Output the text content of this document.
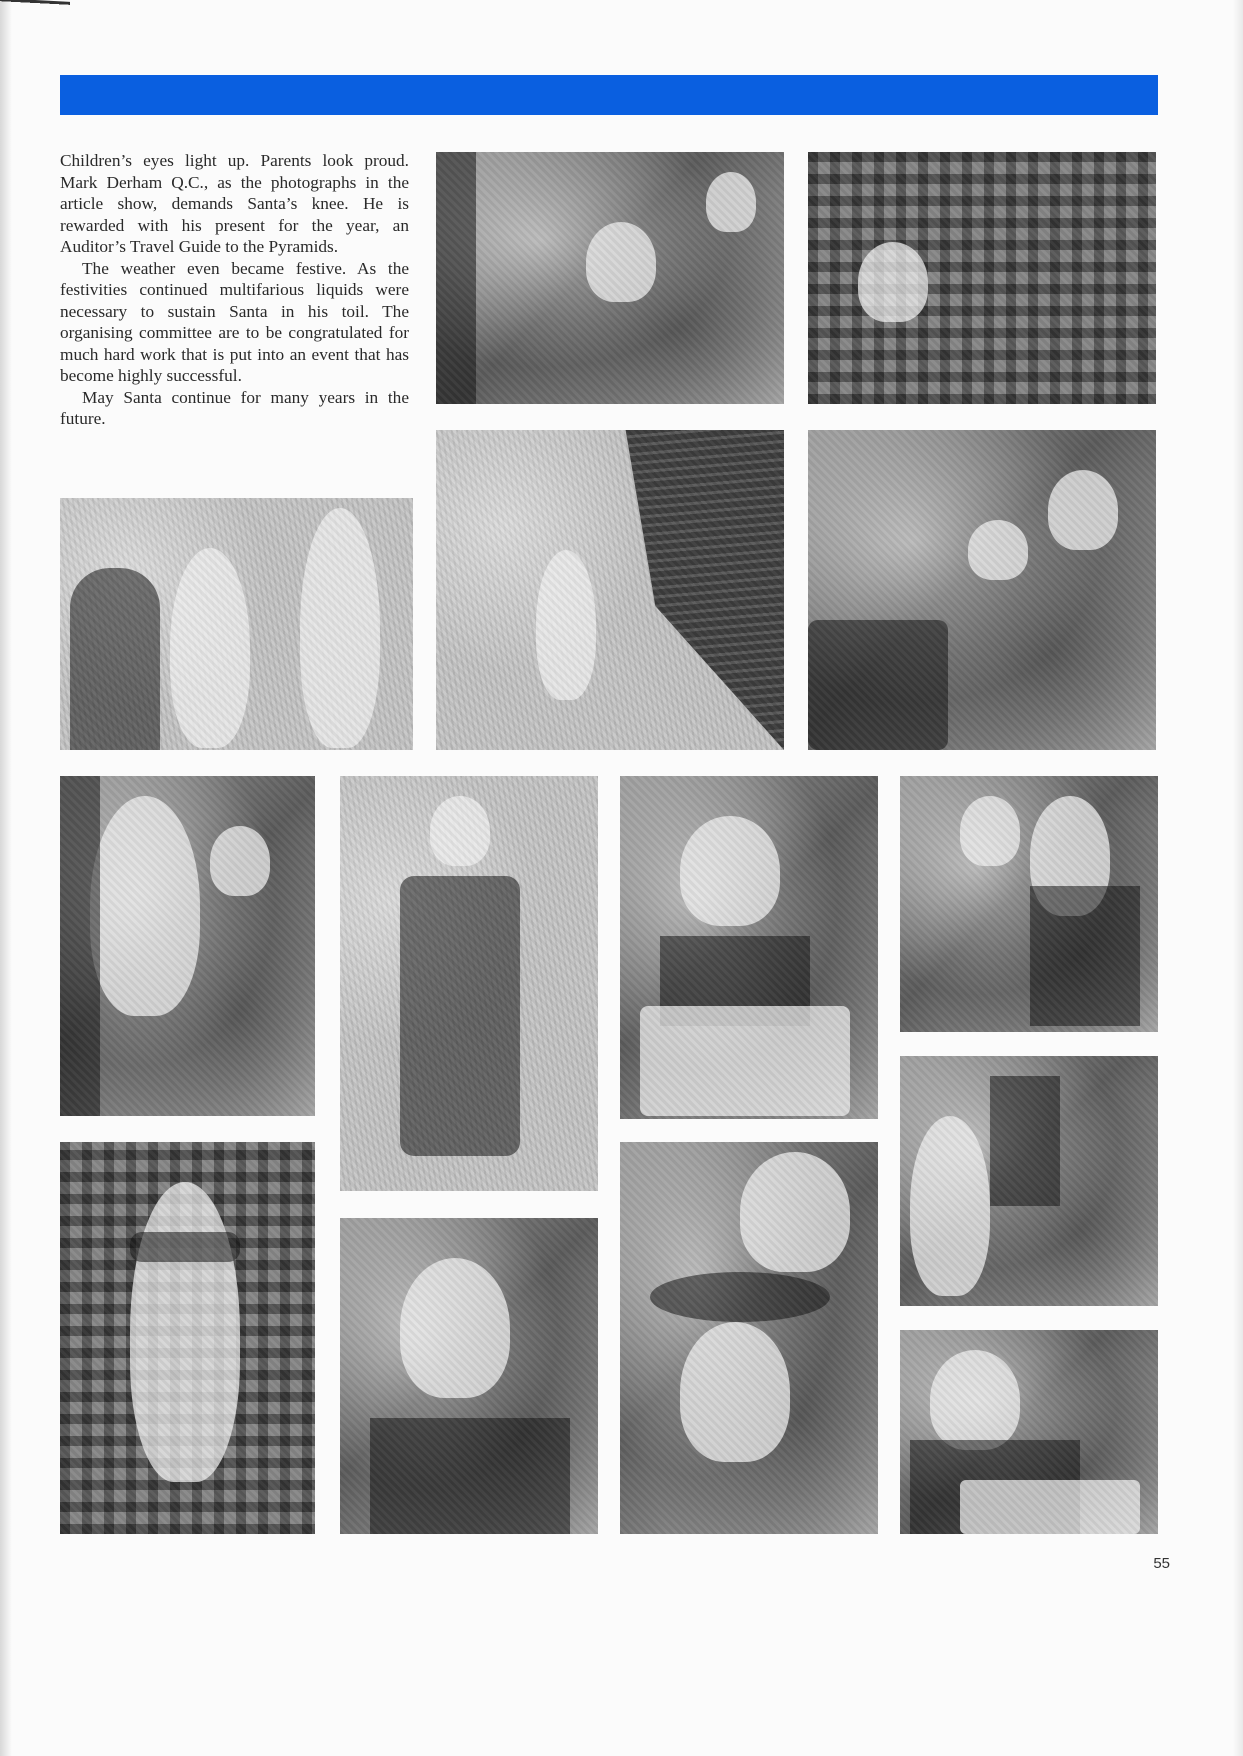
Children’s eyes light up. Parents look proud. Mark Derham Q.C., as the photographs in the article show, demands Santa’s knee. He is rewarded with his present for the year, an Auditor’s Travel Guide to the Pyramids.

The weather even became festive. As the festivities continued multifarious liquids were necessary to sustain Santa in his toil. The organising committee are to be congratulated for much hard work that is put into an event that has become highly successful.

May Santa continue for many years in the future.

55
